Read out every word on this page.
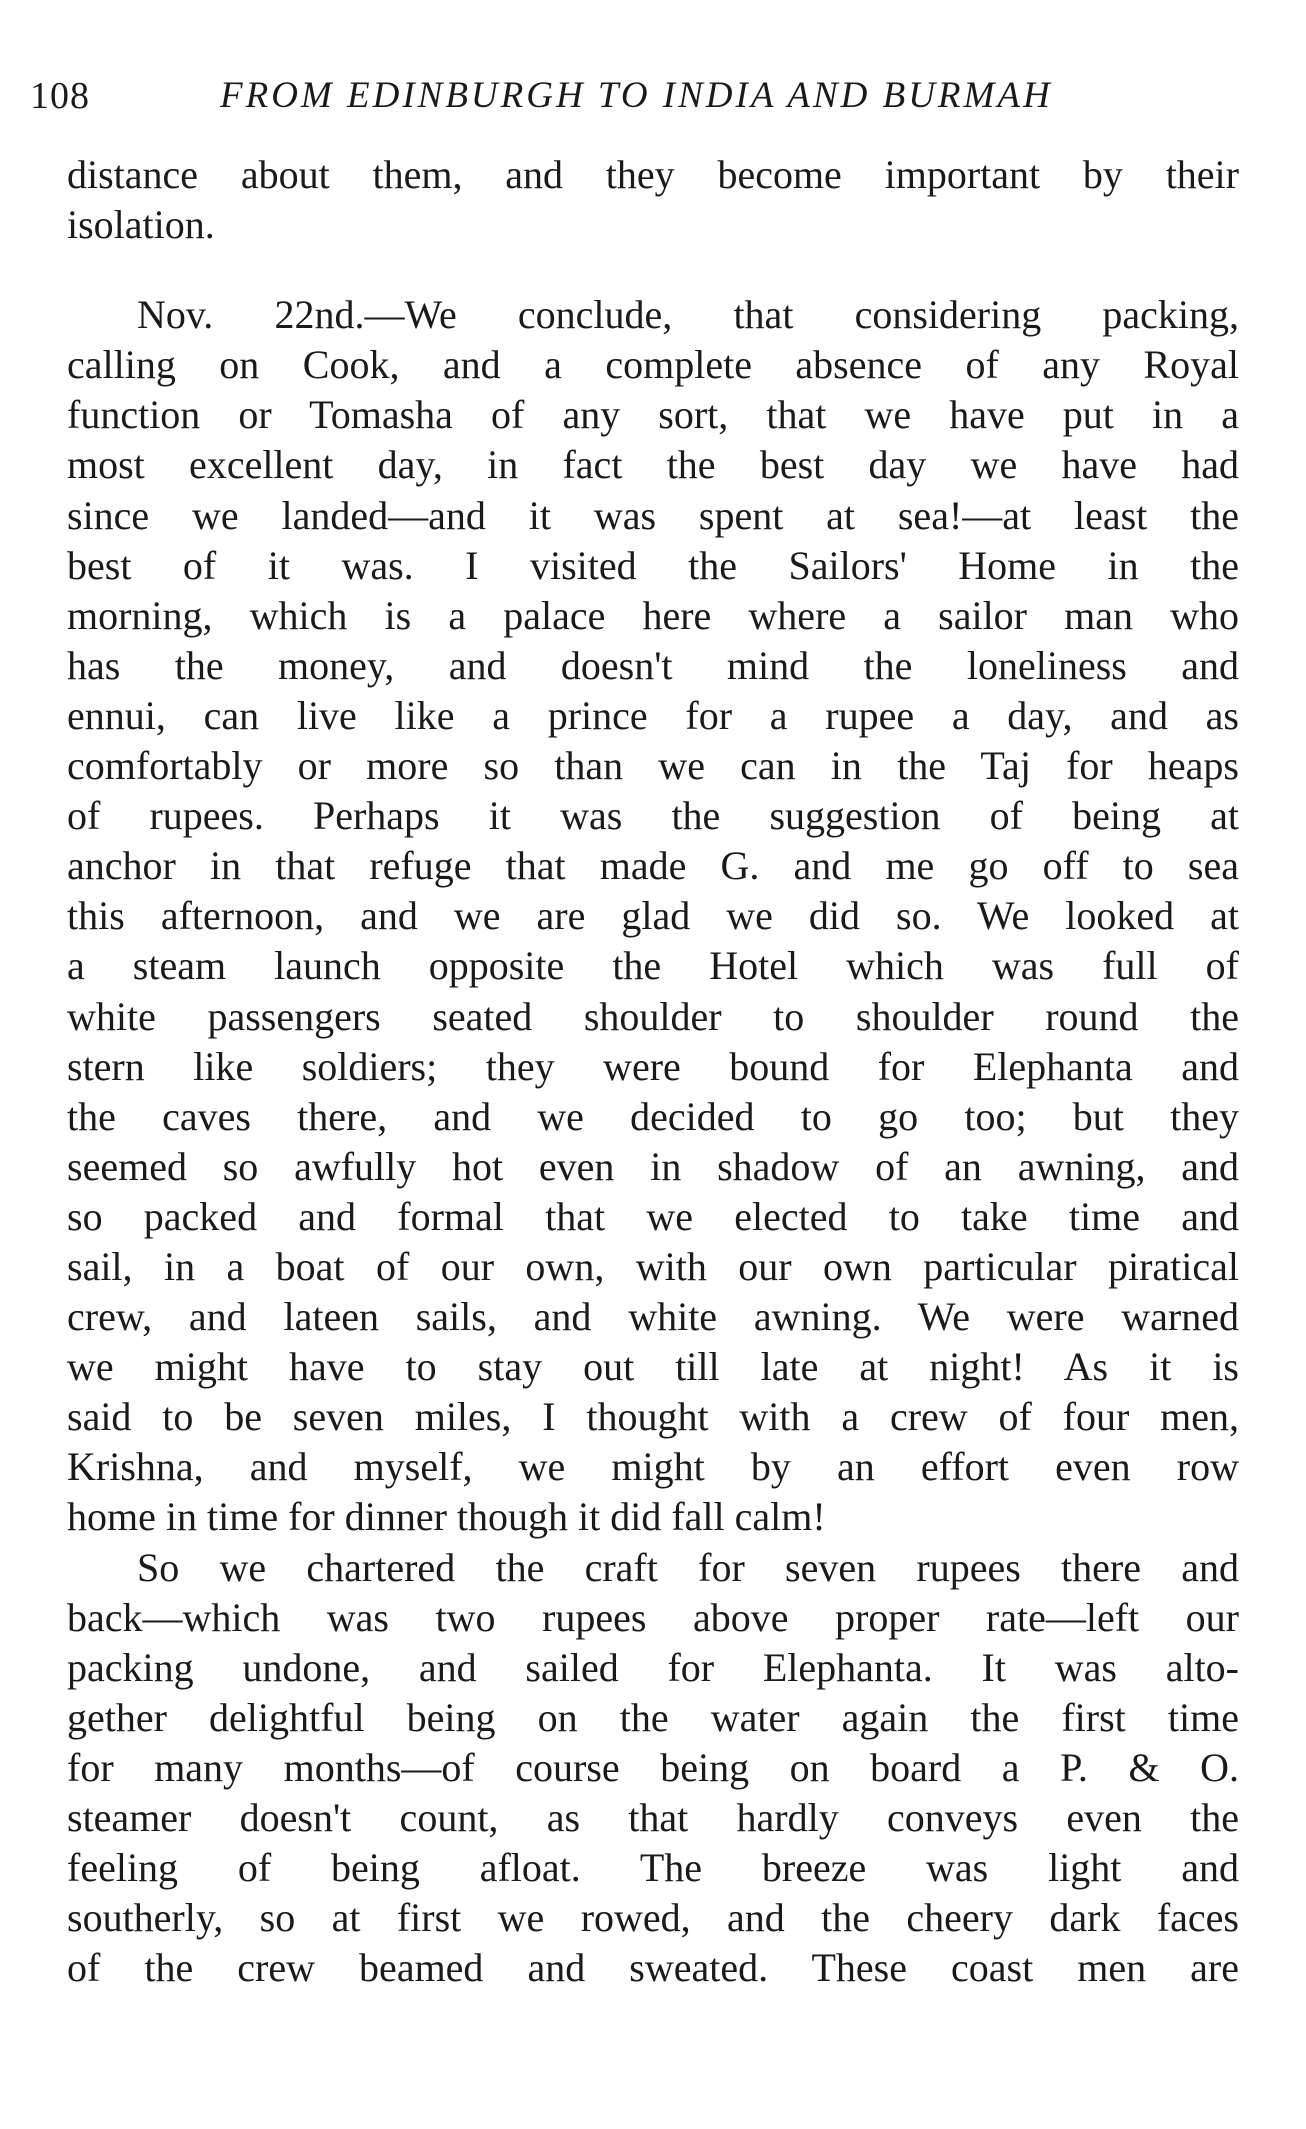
108	FROM EDINBURGH TO INDIA AND BURMAH
distance about them, and they become important by their
isolation.
Nov. 22nd.—We conclude, that considering packing,
calling on Cook, and a complete absence of any Royal
function or Tomasha of any sort, that we have put in a
most excellent day, in fact the best day we have had
since we landed—and it was spent at sea!—at least the
best of it was. I visited the Sailors' Home in the
morning, which is a palace here where a sailor man who
has the money, and doesn't mind the loneliness and
ennui, can live like a prince for a rupee a day, and as
comfortably or more so than we can in the Taj for heaps
of rupees. Perhaps it was the suggestion of being at
anchor in that refuge that made G. and me go off to sea
this afternoon, and we are glad we did so. We looked at
a steam launch opposite the Hotel which was full of
white passengers seated shoulder to shoulder round the
stern like soldiers; they were bound for Elephanta and
the caves there, and we decided to go too; but they
seemed so awfully hot even in shadow of an awning, and
so packed and formal that we elected to take time and
sail, in a boat of our own, with our own particular piratical
crew, and lateen sails, and white awning. We were warned
we might have to stay out till late at night! As it is
said to be seven miles, I thought with a crew of four men,
Krishna, and myself, we might by an effort even row
home in time for dinner though it did fall calm!
So we chartered the craft for seven rupees there and
back—which was two rupees above proper rate—left our
packing undone, and sailed for Elephanta. It was alto-
gether delightful being on the water again the first time
for many months—of course being on board a P. & O.
steamer doesn't count, as that hardly conveys even the
feeling of being afloat. The breeze was light and
southerly, so at first we rowed, and the cheery dark faces
of the crew beamed and sweated. These coast men are
